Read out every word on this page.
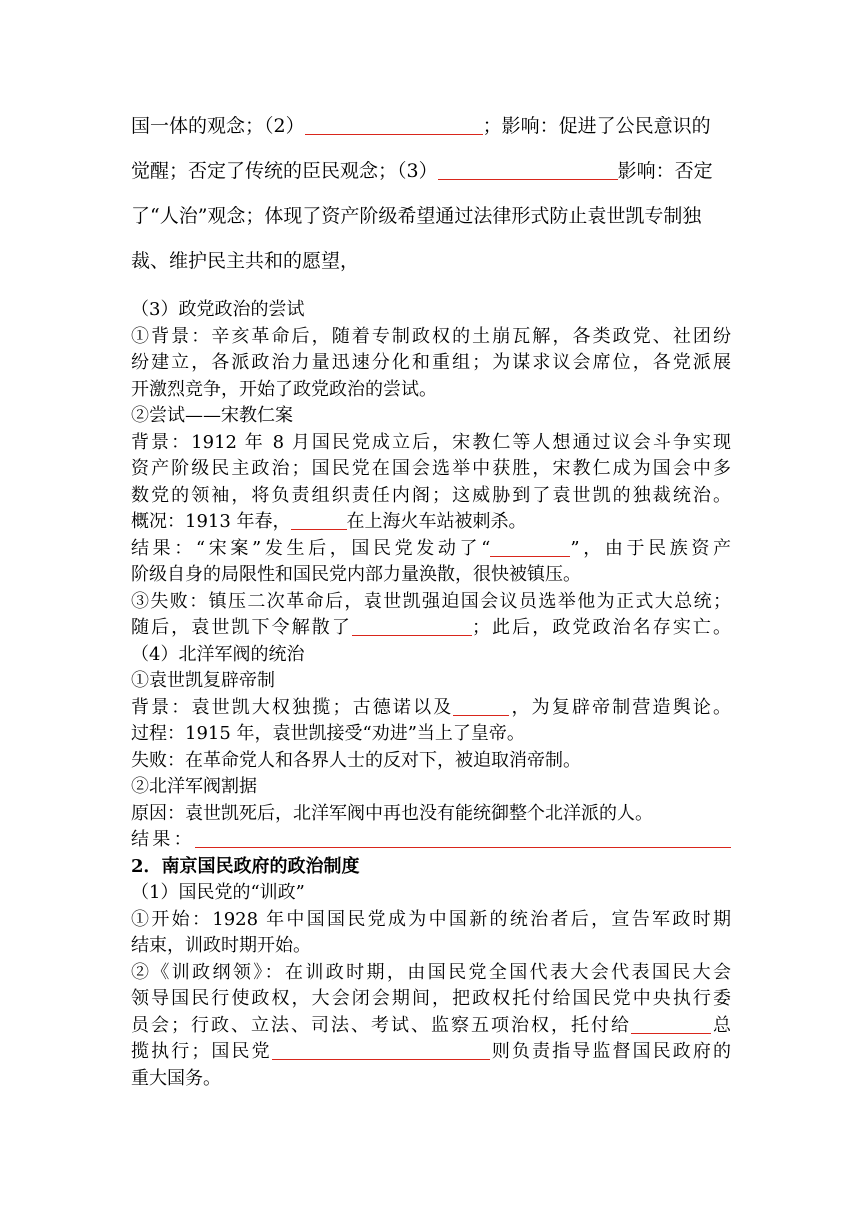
国一体的观念；（2）	；影响：促进了公民意识的
觉醒；否定了传统的臣民观念；（3）	影响：否定
了“人治”观念；体现了资产阶级希望通过法律形式防止袁世凯专制独
裁、维护民主共和的愿望，
（3）政党政治的尝试
①背景：辛亥革命后，随着专制政权的土崩瓦解，各类政党、社团纷
纷建立，各派政治力量迅速分化和重组；为谋求议会席位，各党派展
开激烈竞争，开始了政党政治的尝试。
②尝试——宋教仁案
背景：1912 年 8 月国民党成立后，宋教仁等人想通过议会斗争实现
资产阶级民主政治；国民党在国会选举中获胜，宋教仁成为国会中多
数党的领袖，将负责组织责任内阁；这威胁到了袁世凯的独裁统治。
概况：1913 年春，	在上海火车站被刺杀。
结果：“宋案”发生后，国民党发动了“	”，由于民族资产
阶级自身的局限性和国民党内部力量涣散，很快被镇压。
③失败：镇压二次革命后，袁世凯强迫国会议员选举他为正式大总统；
随后，袁世凯下令解散了	；此后，政党政治名存实亡。
（4）北洋军阀的统治
①袁世凯复辟帝制
背景：袁世凯大权独揽；古德诺以及	，为复辟帝制营造舆论。
过程：1915 年，袁世凯接受“劝进”当上了皇帝。
失败：在革命党人和各界人士的反对下，被迫取消帝制。
②北洋军阀割据
原因：袁世凯死后，北洋军阀中再也没有能统御整个北洋派的人。
结果：
2．南京国民政府的政治制度
（1）国民党的“训政”
①开始：1928 年中国国民党成为中国新的统治者后，宣告军政时期
结束，训政时期开始。
②《训政纲领》：在训政时期，由国民党全国代表大会代表国民大会
领导国民行使政权，大会闭会期间，把政权托付给国民党中央执行委
员会；行政、立法、司法、考试、监察五项治权，托付给	总
揽执行；国民党	则负责指导监督国民政府的
重大国务。
